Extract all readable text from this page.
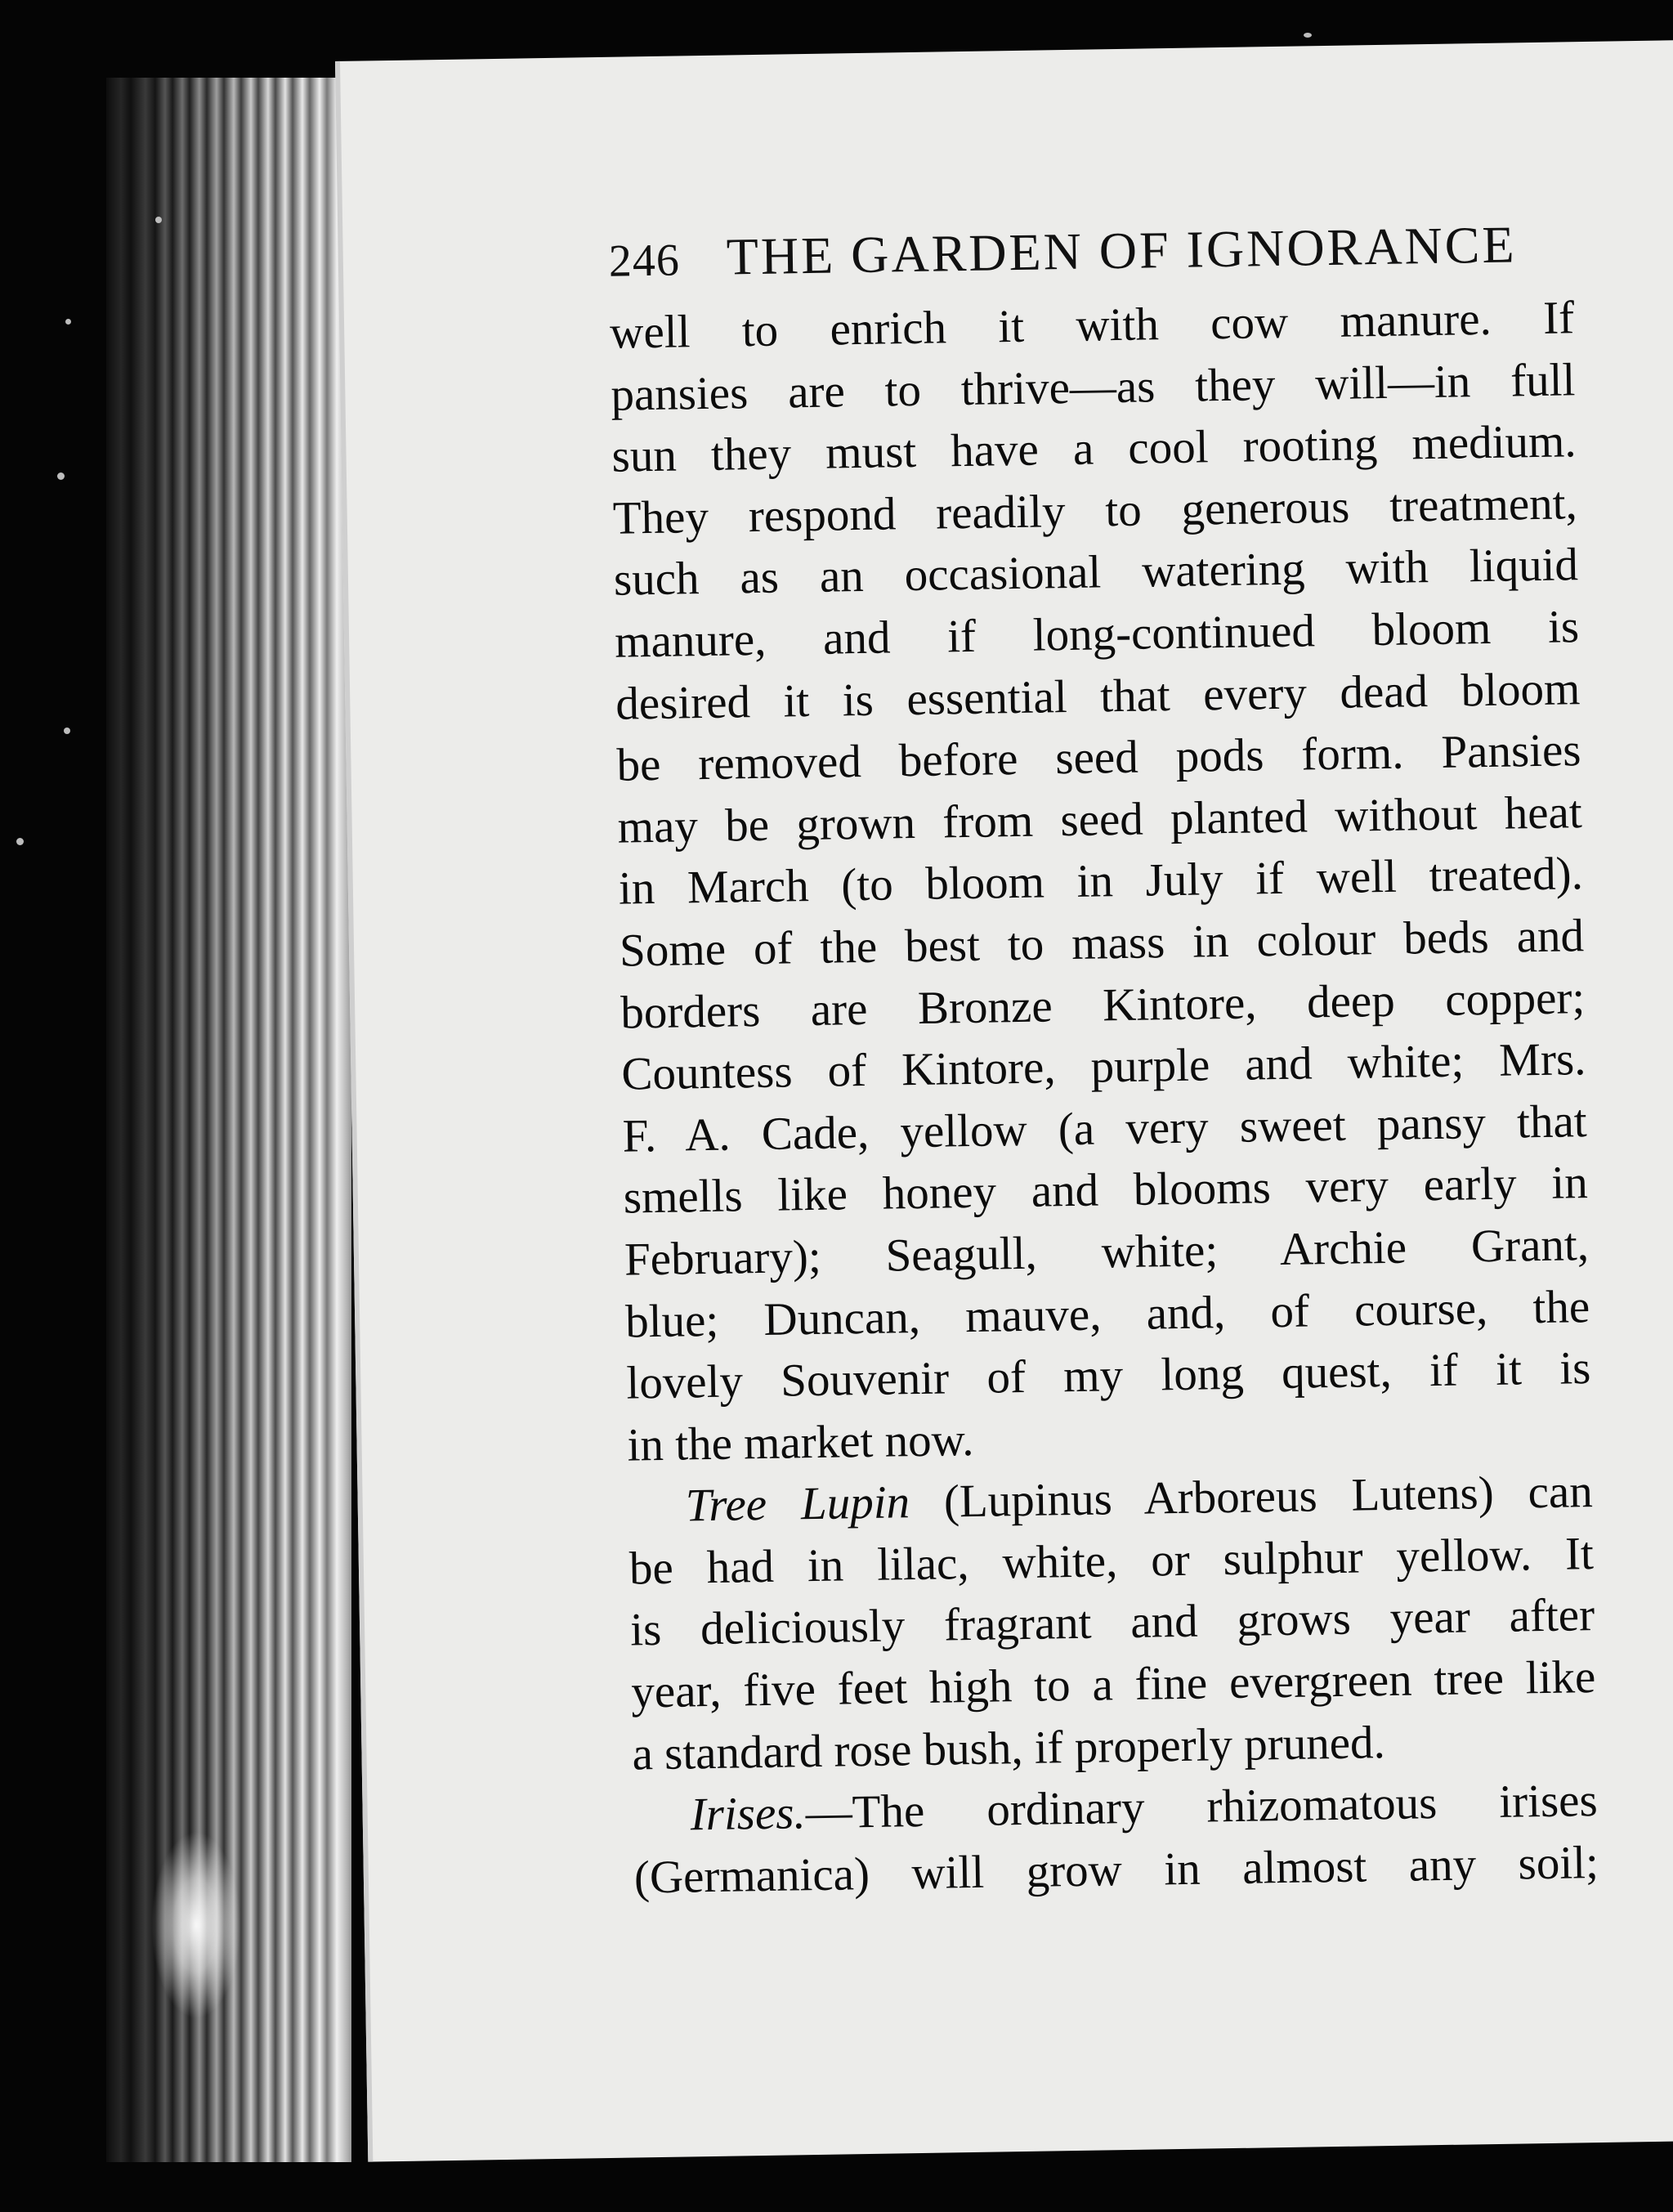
246 THE GARDEN OF IGNORANCE
well to enrich it with cow manure. If
pansies are to thrive—as they will—in full
sun they must have a cool rooting medium.
They respond readily to generous treatment,
such as an occasional watering with liquid
manure, and if long-continued bloom is
desired it is essential that every dead bloom
be removed before seed pods form. Pansies
may be grown from seed planted without heat
in March (to bloom in July if well treated).
Some of the best to mass in colour beds and
borders are Bronze Kintore, deep copper;
Countess of Kintore, purple and white; Mrs.
F. A. Cade, yellow (a very sweet pansy that
smells like honey and blooms very early in
February); Seagull, white; Archie Grant,
blue; Duncan, mauve, and, of course, the
lovely Souvenir of my long quest, if it is
in the market now.
Tree Lupin (Lupinus Arboreus Lutens) can
be had in lilac, white, or sulphur yellow. It
is deliciously fragrant and grows year after
year, five feet high to a fine evergreen tree like
a standard rose bush, if properly pruned.
Irises.—The ordinary rhizomatous irises
(Germanica) will grow in almost any soil;
